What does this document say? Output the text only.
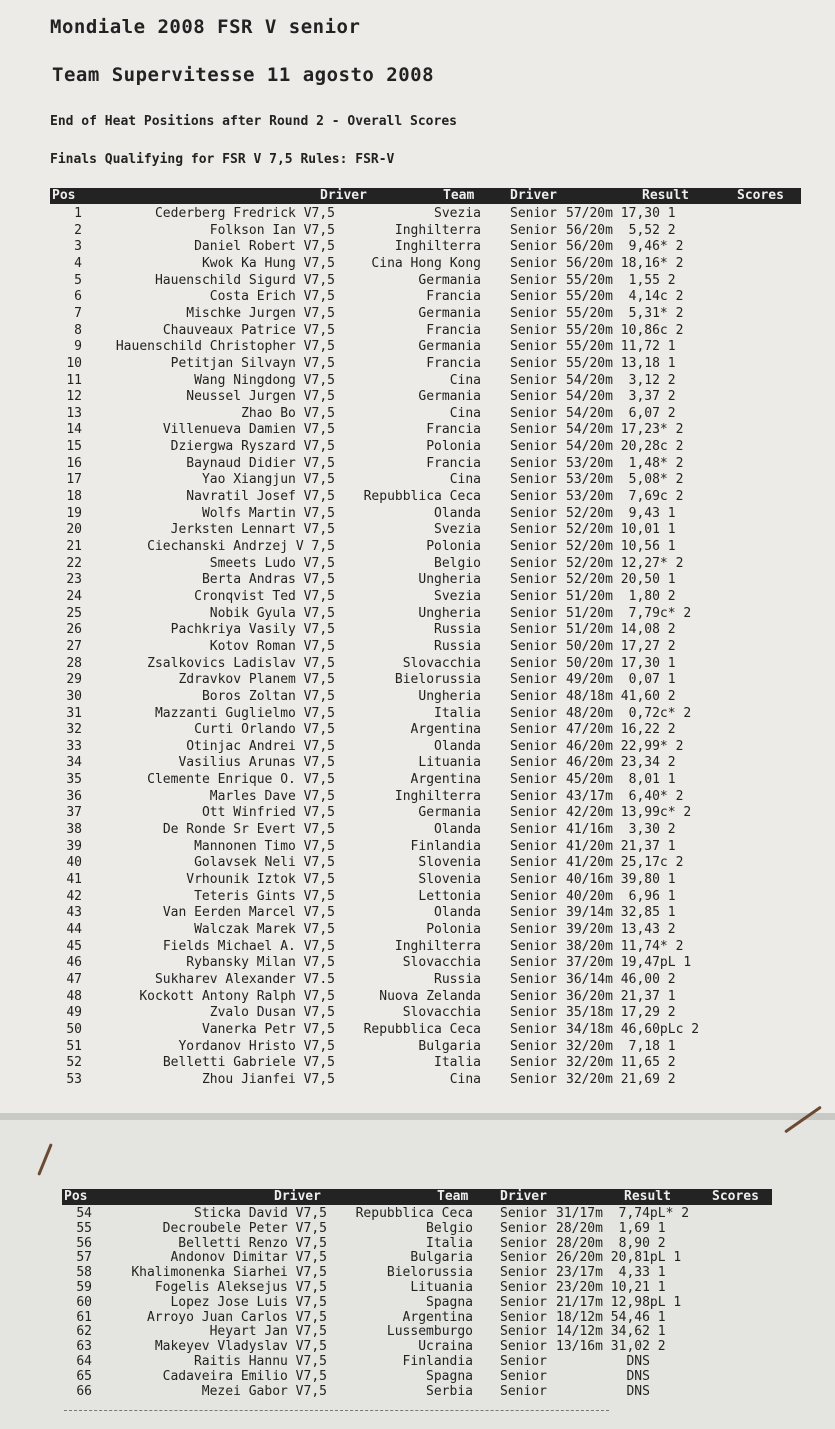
Mondiale 2008 FSR V senior
Team Supervitesse 11 agosto 2008
End of Heat Positions after Round 2 - Overall Scores
Finals Qualifying for FSR V 7,5 Rules: FSR-V
Pos	Driver	Team	Driver	Result	Scores
1	Cederberg Fredrick V7,5	Svezia Senior 57/20m 17,30 1
2	Folkson Ian V7,5	Inghilterra Senior 56/20m  5,52 2
3	Daniel Robert V7,5	Inghilterra Senior 56/20m  9,46* 2
4	Kwok Ka Hung V7,5	Cina Hong Kong Senior 56/20m 18,16* 2
5	Hauenschild Sigurd V7,5	Germania Senior 55/20m  1,55 2
6	Costa Erich V7,5	Francia Senior 55/20m  4,14c 2
7	Mischke Jurgen V7,5	Germania Senior 55/20m  5,31* 2
8	Chauveaux Patrice V7,5	Francia Senior 55/20m 10,86c 2
9	Hauenschild Christopher V7,5	Germania Senior 55/20m 11,72 1
10	Petitjan Silvayn V7,5	Francia Senior 55/20m 13,18 1
11	Wang Ningdong V7,5	Cina Senior 54/20m  3,12 2
12	Neussel Jurgen V7,5	Germania Senior 54/20m  3,37 2
13	Zhao Bo V7,5	Cina Senior 54/20m  6,07 2
14	Villenueva Damien V7,5	Francia Senior 54/20m 17,23* 2
15	Dziergwa Ryszard V7,5	Polonia Senior 54/20m 20,28c 2
16	Baynaud Didier V7,5	Francia Senior 53/20m  1,48* 2
17	Yao Xiangjun V7,5	Cina Senior 53/20m  5,08* 2
18	Navratil Josef V7,5 Repubblica Ceca Senior 53/20m  7,69c 2
19	Wolfs Martin V7,5	Olanda Senior 52/20m  9,43 1
20	Jerksten Lennart V7,5	Svezia Senior 52/20m 10,01 1
21	Ciechanski Andrzej V 7,5	Polonia Senior 52/20m 10,56 1
22	Smeets Ludo V7,5	Belgio Senior 52/20m 12,27* 2
23	Berta Andras V7,5	Ungheria Senior 52/20m 20,50 1
24	Cronqvist Ted V7,5	Svezia Senior 51/20m  1,80 2
25	Nobik Gyula V7,5	Ungheria Senior 51/20m  7,79c* 2
26	Pachkriya Vasily V7,5	Russia Senior 51/20m 14,08 2
27	Kotov Roman V7,5	Russia Senior 50/20m 17,27 2
28	Zsalkovics Ladislav V7,5	Slovacchia Senior 50/20m 17,30 1
29	Zdravkov Planem V7,5	Bielorussia Senior 49/20m  0,07 1
30	Boros Zoltan V7,5	Ungheria Senior 48/18m 41,60 2
31	Mazzanti Guglielmo V7,5	Italia Senior 48/20m  0,72c* 2
32	Curti Orlando V7,5	Argentina Senior 47/20m 16,22 2
33	Otinjac Andrei V7,5	Olanda Senior 46/20m 22,99* 2
34	Vasilius Arunas V7,5	Lituania Senior 46/20m 23,34 2
35	Clemente Enrique O. V7,5	Argentina Senior 45/20m  8,01 1
36	Marles Dave V7,5	Inghilterra Senior 43/17m  6,40* 2
37	Ott Winfried V7,5	Germania Senior 42/20m 13,99c* 2
38	De Ronde Sr Evert V7,5	Olanda Senior 41/16m  3,30 2
39	Mannonen Timo V7,5	Finlandia Senior 41/20m 21,37 1
40	Golavsek Neli V7,5	Slovenia Senior 41/20m 25,17c 2
41	Vrhounik Iztok V7,5	Slovenia Senior 40/16m 39,80 1
42	Teteris Gints V7,5	Lettonia Senior 40/20m  6,96 1
43	Van Eerden Marcel V7,5	Olanda Senior 39/14m 32,85 1
44	Walczak Marek V7,5	Polonia Senior 39/20m 13,43 2
45	Fields Michael A. V7,5	Inghilterra Senior 38/20m 11,74* 2
46	Rybansky Milan V7,5	Slovacchia Senior 37/20m 19,47pL 1
47	Sukharev Alexander V7.5	Russia Senior 36/14m 46,00 2
48	Kockott Antony Ralph V7,5	Nuova Zelanda Senior 36/20m 21,37 1
49	Zvalo Dusan V7,5	Slovacchia Senior 35/18m 17,29 2
50	Vanerka Petr V7,5 Repubblica Ceca Senior 34/18m 46,60pLc 2
51	Yordanov Hristo V7,5	Bulgaria Senior 32/20m  7,18 1
52	Belletti Gabriele V7,5	Italia Senior 32/20m 11,65 2
53	Zhou Jianfei V7,5	Cina Senior 32/20m 21,69 2
Pos	Driver	Team Driver	Result	Scores
54	Sticka David V7,5 Repubblica Ceca Senior 31/17m  7,74pL* 2
55	Decroubele Peter V7,5	Belgio Senior 28/20m  1,69 1
56	Belletti Renzo V7,5	Italia Senior 28/20m  8,90 2
57	Andonov Dimitar V7,5	Bulgaria Senior 26/20m 20,81pL 1
58	Khalimonenka Siarhei V7,5	Bielorussia Senior 23/17m  4,33 1
59	Fogelis Aleksejus V7,5	Lituania Senior 23/20m 10,21 1
60	Lopez Jose Luis V7,5	Spagna Senior 21/17m 12,98pL 1
61	Arroyo Juan Carlos V7,5	Argentina Senior 18/12m 54,46 1
62	Heyart Jan V7,5	Lussemburgo Senior 14/12m 34,62 1
63	Makeyev Vladyslav V7,5	Ucraina Senior 13/16m 31,02 2
64	Raitis Hannu V7,5	Finlandia Senior DNS
65	Cadaveira Emilio V7,5	Spagna Senior DNS
66	Mezei Gabor V7,5	Serbia Senior DNS
